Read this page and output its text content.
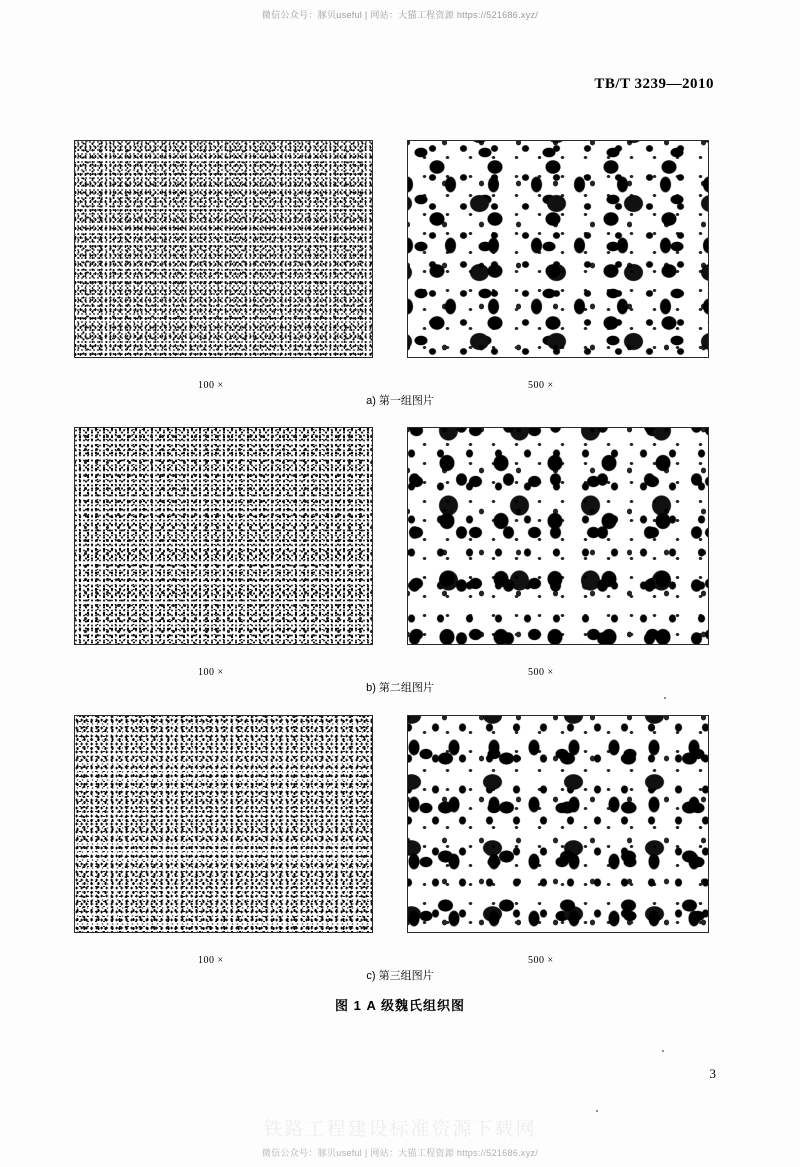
微信公众号：豚贝useful | 网站：大猫工程资源 https://521686.xyz/
TB/T 3239—2010
100 ×	500 ×
a) 第一组图片
100 ×	500 ×
b) 第二组图片
100 ×	500 ×
c) 第三组图片
图 1 A 级魏氏组织图
3
铁路工程建设标准资源下载网
微信公众号：豚贝useful | 网站：大猫工程资源 https://521686.xyz/
